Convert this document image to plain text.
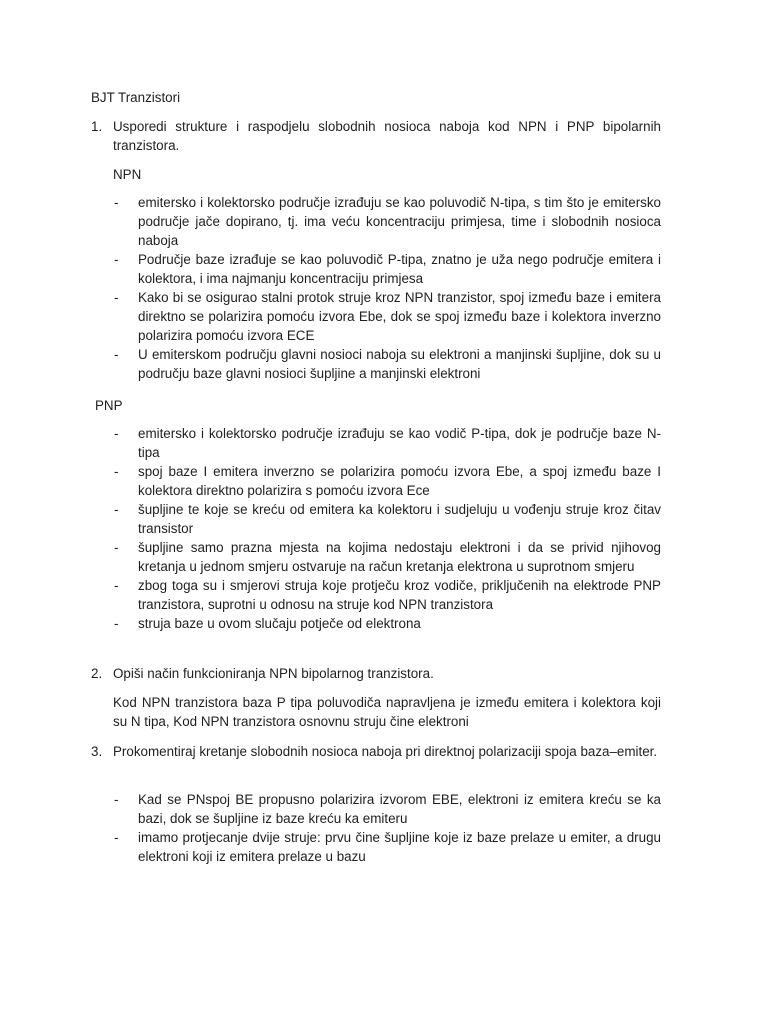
BJT Tranzistori
1. Usporedi strukture i raspodjelu slobodnih nosioca naboja kod NPN i PNP bipolarnih tranzistora.
NPN
- emitersko i kolektorsko područje izrađuju se kao poluvodič N-tipa, s tim što je emitersko područje jače dopirano, tj. ima veću koncentraciju primjesa, time i slobodnih nosioca naboja
- Područje baze izrađuje se kao poluvodič P-tipa, znatno je uža nego područje emitera i kolektora, i ima najmanju koncentraciju primjesa
- Kako bi se osigurao stalni protok struje kroz NPN tranzistor, spoj između baze i emitera direktno se polarizira pomoću izvora Ebe, dok se spoj između baze i kolektora inverzno polarizira pomoću izvora ECE
- U emiterskom području glavni nosioci naboja su elektroni a manjinski šupljine, dok su u području baze glavni nosioci šupljine a manjinski elektroni
PNP
- emitersko i kolektorsko područje izrađuju se kao vodič P-tipa, dok je područje baze N-tipa
- spoj baze I emitera inverzno se polarizira pomoću izvora Ebe, a spoj između baze I kolektora direktno polarizira s pomoću izvora Ece
- šupljine te koje se kreću od emitera ka kolektoru i sudjeluju u vođenju struje kroz čitav transistor
- šupljine samo prazna mjesta na kojima nedostaju elektroni i da se privid njihovog kretanja u jednom smjeru ostvaruje na račun kretanja elektrona u suprotnom smjeru
- zbog toga su i smjerovi struja koje protječu kroz vodiče, priključenih na elektrode PNP tranzistora, suprotni u odnosu na struje kod NPN tranzistora
- struja baze u ovom slučaju potječe od elektrona
2. Opiši način funkcioniranja NPN bipolarnog tranzistora.
Kod NPN tranzistora baza P tipa poluvodiča napravljena je između emitera i kolektora koji su N tipa, Kod NPN tranzistora osnovnu struju čine elektroni
3. Prokomentiraj kretanje slobodnih nosioca naboja pri direktnoj polarizaciji spoja baza–emiter.
- Kad se PNspoj BE propusno polarizira izvorom EBE, elektroni iz emitera kreću se ka bazi, dok se šupljine iz baze kreću ka emiteru
- imamo protjecanje dvije struje: prvu čine šupljine koje iz baze prelaze u emiter, a drugu elektroni koji iz emitera prelaze u bazu
